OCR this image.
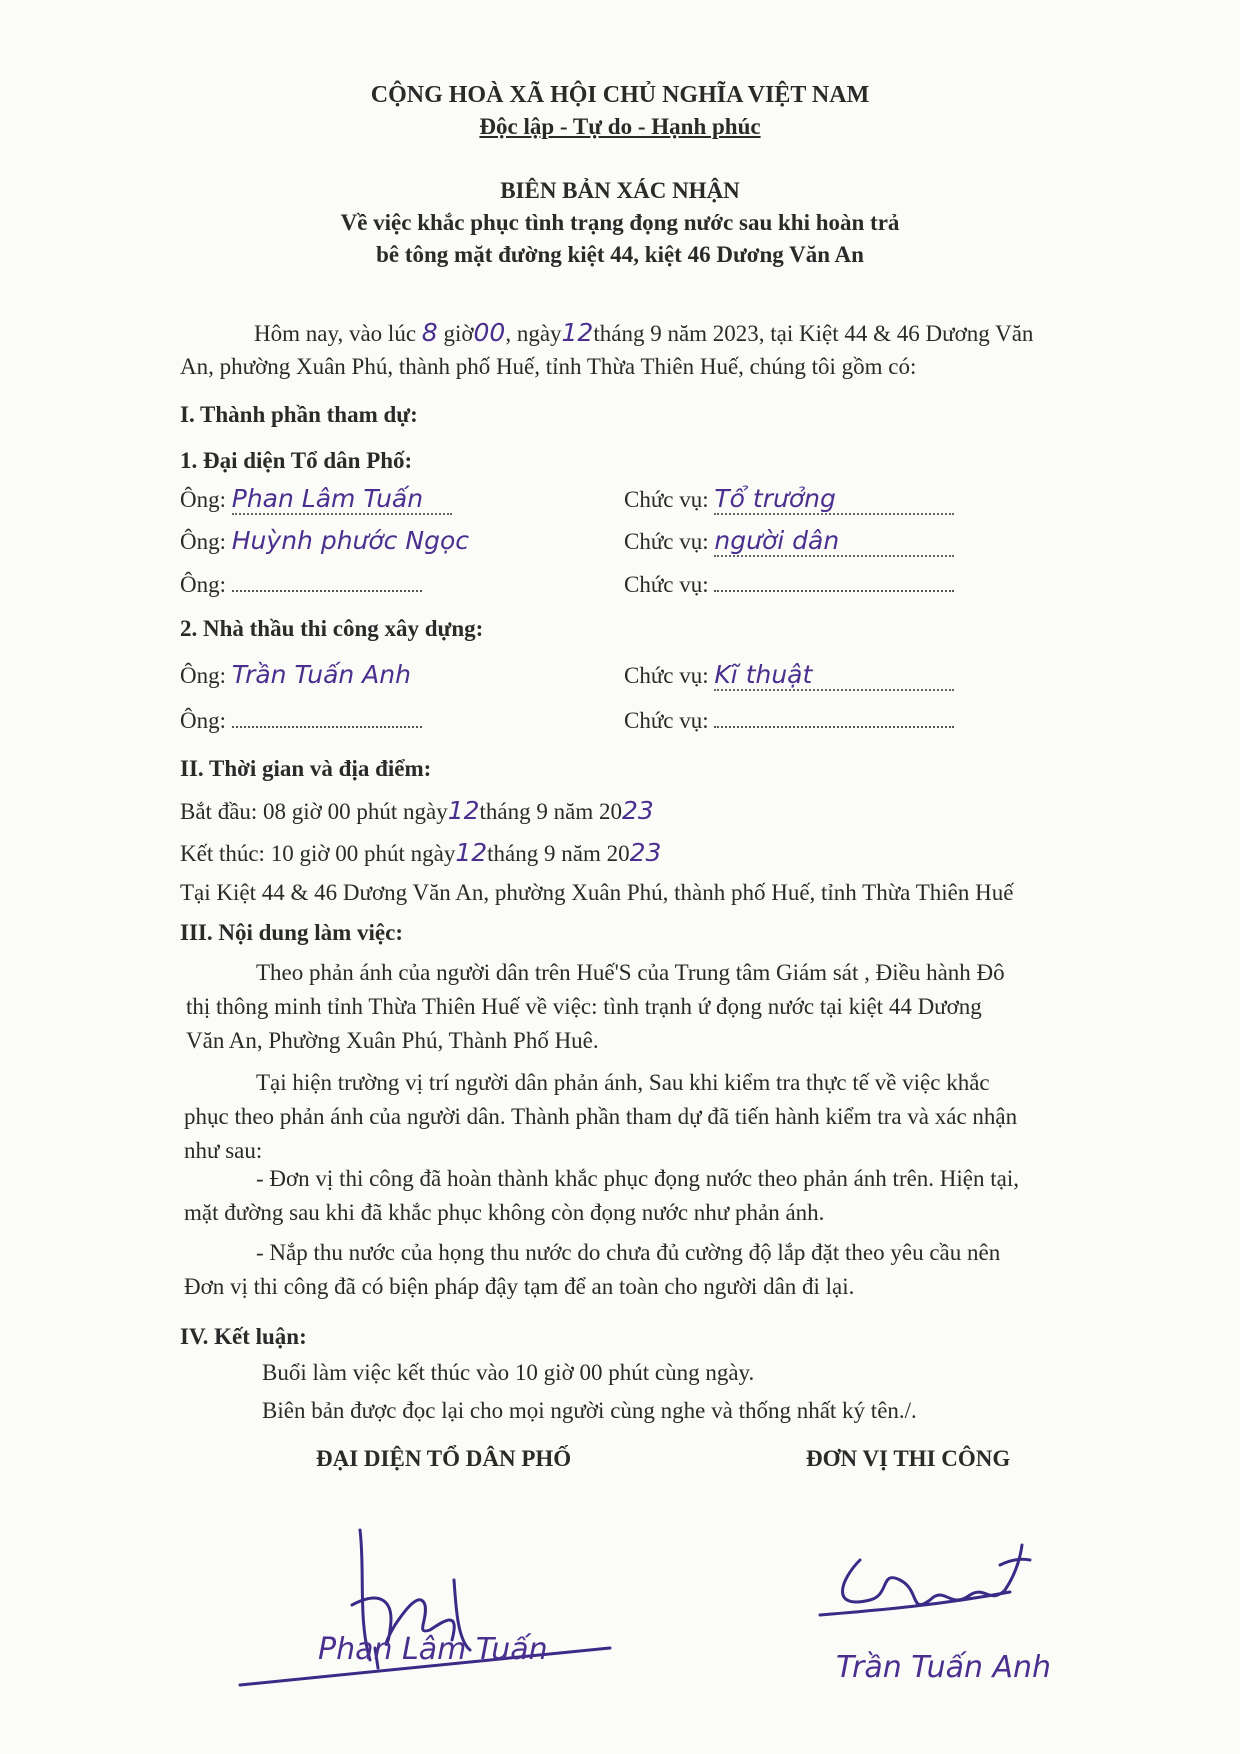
CỘNG HOÀ XÃ HỘI CHỦ NGHĨA VIỆT NAM
Độc lập - Tự do - Hạnh phúc
BIÊN BẢN XÁC NHẬN
Về việc khắc phục tình trạng đọng nước sau khi hoàn trả
bê tông mặt đường kiệt 44, kiệt 46 Dương Văn An
Hôm nay, vào lúc 8 giờ00, ngày12tháng 9 năm 2023, tại Kiệt 44 & 46 Dương Văn
An, phường Xuân Phú, thành phố Huế, tỉnh Thừa Thiên Huế, chúng tôi gồm có:
I. Thành phần tham dự:
1. Đại diện Tổ dân Phố:
Ông: Phan Lâm Tuấn	Chức vụ: Tổ trưởng
Ông: Huỳnh phước Ngọc	Chức vụ: người dân
Ông:	Chức vụ:
2. Nhà thầu thi công xây dựng:
Ông: Trần Tuấn Anh	Chức vụ: Kĩ thuật
Ông:	Chức vụ:
II. Thời gian và địa điểm:
Bắt đầu: 08 giờ 00 phút ngày12tháng 9 năm 2023
Kết thúc: 10 giờ 00 phút ngày12tháng 9 năm 2023
Tại Kiệt 44 & 46 Dương Văn An, phường Xuân Phú, thành phố Huế, tỉnh Thừa Thiên Huế
III. Nội dung làm việc:
Theo phản ánh của người dân trên Huế'S của Trung tâm Giám sát , Điều hành Đô
thị thông minh tỉnh Thừa Thiên Huế về việc: tình trạnh ứ đọng nước tại kiệt 44 Dương
Văn An, Phường Xuân Phú, Thành Phố Huê.
Tại hiện trường vị trí người dân phản ánh, Sau khi kiểm tra thực tế về việc khắc
phục theo phản ánh của người dân. Thành phần tham dự đã tiến hành kiểm tra và xác nhận
như sau:
- Đơn vị thi công đã hoàn thành khắc phục đọng nước theo phản ánh trên. Hiện tại,
mặt đường sau khi đã khắc phục không còn đọng nước như phản ánh.
- Nắp thu nước của họng thu nước do chưa đủ cường độ lắp đặt theo yêu cầu nên
Đơn vị thi công đã có biện pháp đậy tạm để an toàn cho người dân đi lại.
IV. Kết luận:
Buổi làm việc kết thúc vào 10 giờ 00 phút cùng ngày.
Biên bản được đọc lại cho mọi người cùng nghe và thống nhất ký tên./.
ĐẠI DIỆN TỔ DÂN PHỐ	ĐƠN VỊ THI CÔNG
Phan Lâm Tuấn
Trần Tuấn Anh
